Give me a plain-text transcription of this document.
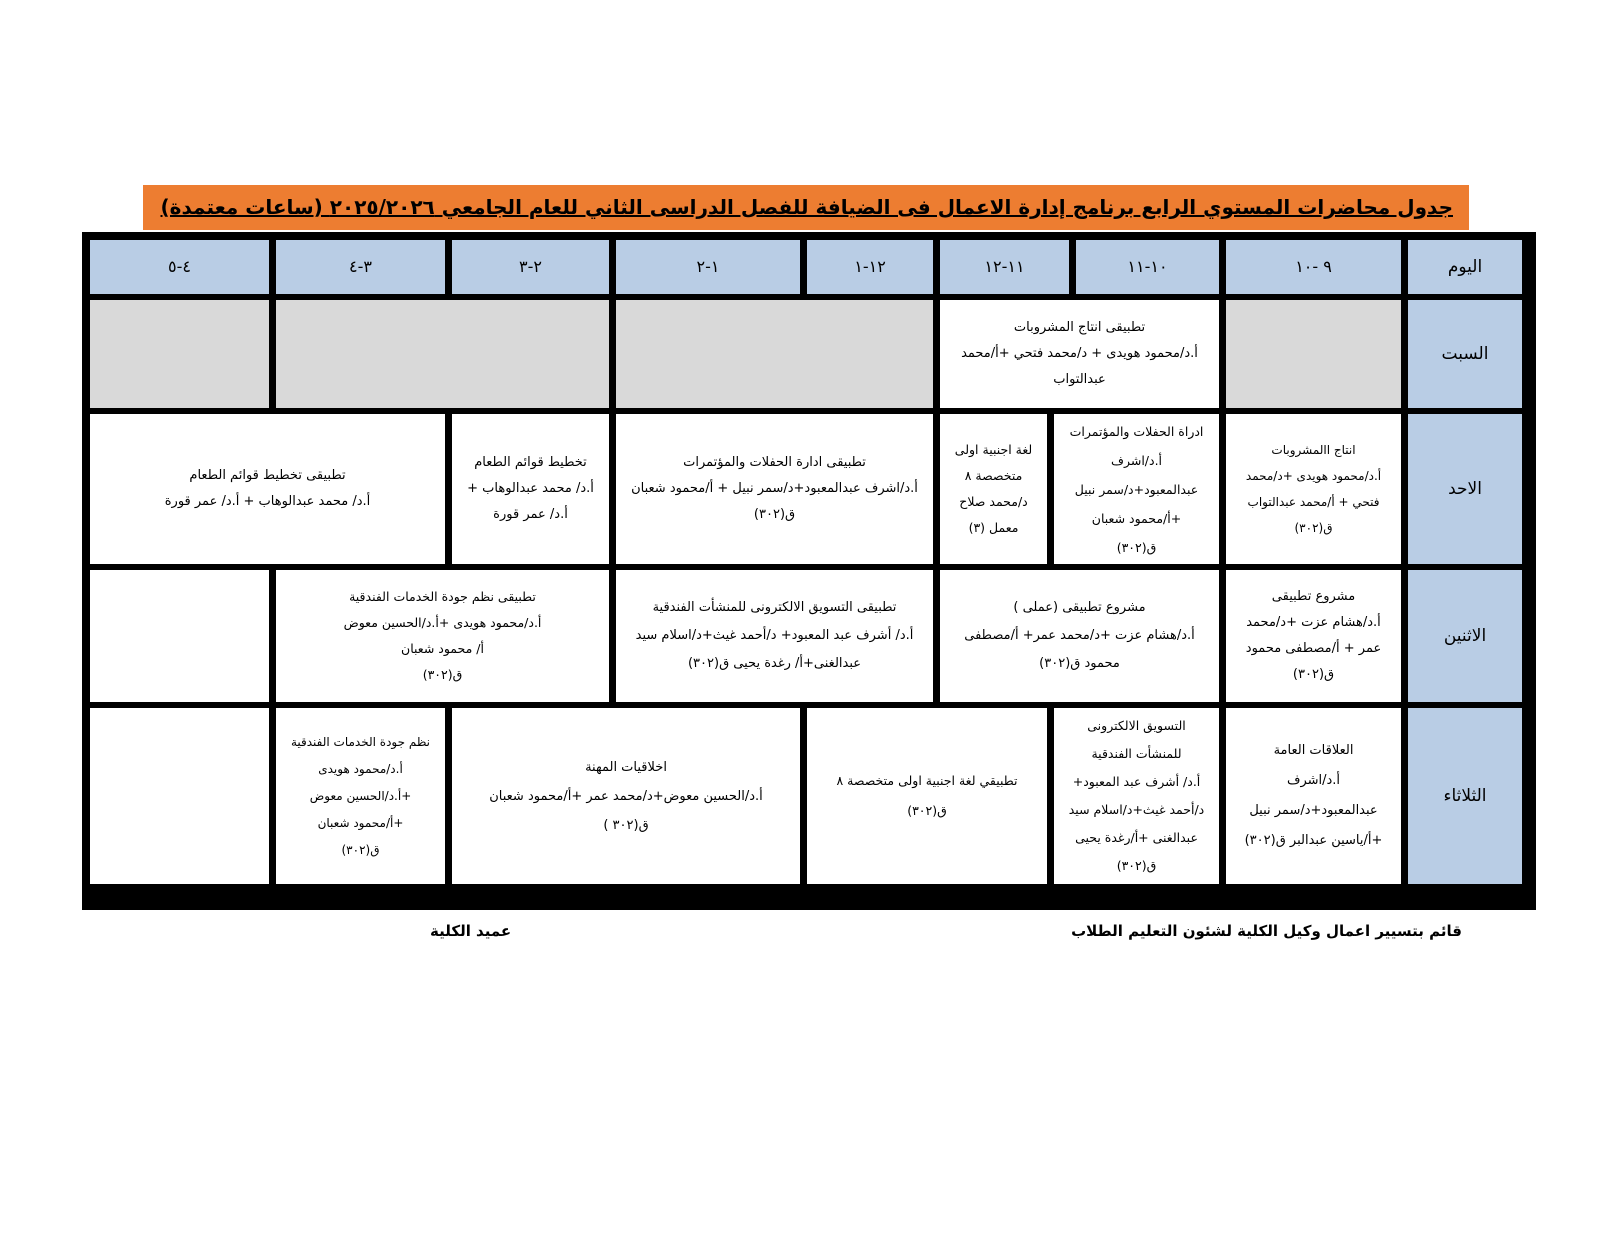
جدول محاضرات المستوي الرابع برنامج إدارة الاعمال فى الضيافة للفصل الدراسى الثاني للعام الجامعي ٢٠٢٥/٢٠٢٦ (ساعات معتمدة)
اليوم
٩ -١٠
١٠-١١
١١-١٢
١٢-١
١-٢
٢-٣
٣-٤
٤-٥
السبت
تطبيقى انتاج المشروبات
أ.د/محمود هويدى + د/محمد فتحي +أ/محمد
عبدالتواب
الاحد
انتاج االمشروبات
أ.د/محمود هويدى +د/محمد
فتحي + أ/محمد عبدالتواب
ق(٣٠٢)
ادراة الحفلات والمؤتمرات
أ.د/اشرف
عبدالمعبود+د/سمر نبيل
+أ/محمود شعبان
ق(٣٠٢)
لغة اجنبية اولى
متخصصة ٨
د/محمد صلاح
معمل (٣)
تطبيقى ادارة الحفلات والمؤتمرات
أ.د/اشرف عبدالمعبود+د/سمر نبيل + أ/محمود شعبان
ق(٣٠٢)
تخطيط قوائم الطعام
أ.د/ محمد عبدالوهاب +
أ.د/ عمر قورة
تطبيقى تخطيط قوائم الطعام
أ.د/ محمد عبدالوهاب + أ.د/ عمر قورة
الاثنين
مشروع تطبيقى
أ.د/هشام عزت +د/محمد
عمر + أ/مصطفى محمود
ق(٣٠٢)
مشروع تطبيقى (عملى )
أ.د/هشام عزت +د/محمد عمر+ أ/مصطفى
محمود ق(٣٠٢)
تطبيقى التسويق الالكترونى للمنشأت الفندقية
أ.د/ أشرف عبد المعبود+ د/أحمد غيث+د/اسلام سيد
عبدالغنى+أ/ رغدة يحيى ق(٣٠٢)
تطبيقى نظم جودة الخدمات الفندقية
أ.د/محمود هويدى +أ.د/الحسين معوض
أ/ محمود شعبان
ق(٣٠٢)
الثلاثاء
العلاقات العامة
أ.د/اشرف
عبدالمعبود+د/سمر نبيل
+أ/ياسين عبدالبر ق(٣٠٢)
التسويق الالكترونى
للمنشأت الفندقية
أ.د/ أشرف عبد المعبود+
د/أحمد غيث+د/اسلام سيد
عبدالغنى +أ/رغدة يحيى
ق(٣٠٢)
تطبيقي لغة اجنبية اولى متخصصة ٨
ق(٣٠٢)
اخلاقيات المهنة
أ.د/الحسين معوض+د/محمد عمر +أ/محمود شعبان
ق(٣٠٢ )
نظم جودة الخدمات الفندقية
أ.د/محمود هويدى
+أ.د/الحسين معوض
+أ/محمود شعبان
ق(٣٠٢)
قائم بتسيير اعمال وكيل الكلية لشئون التعليم الطلاب
عميد الكلية
